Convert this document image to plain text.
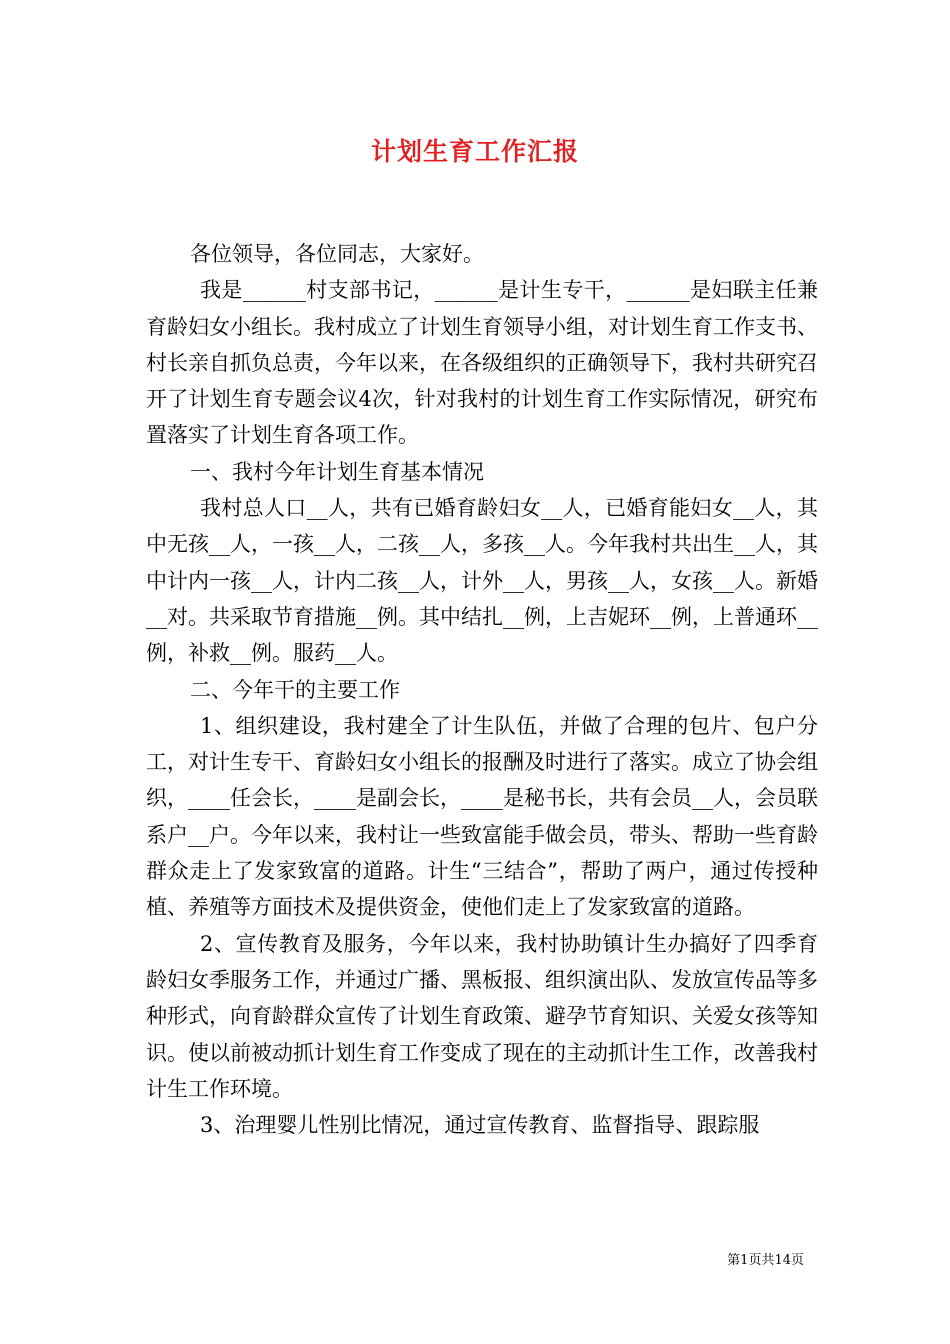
计划生育工作汇报

各位领导，各位同志，大家好。

我是______村支部书记，______是计生专干，______是妇联主任兼育龄妇女小组长。我村成立了计划生育领导小组，对计划生育工作支书、村长亲自抓负总责，今年以来，在各级组织的正确领导下，我村共研究召开了计划生育专题会议4次，针对我村的计划生育工作实际情况，研究布置落实了计划生育各项工作。

一、我村今年计划生育基本情况

我村总人口__人，共有已婚育龄妇女__人，已婚育能妇女__人，其中无孩__人，一孩__人，二孩__人，多孩__人。今年我村共出生__人，其中计内一孩__人，计内二孩__人，计外__人，男孩__人，女孩__人。新婚__对。共采取节育措施__例。其中结扎__例，上吉妮环__例，上普通环__例，补救__例。服药__人。

二、今年干的主要工作

1、组织建设，我村建全了计生队伍，并做了合理的包片、包户分工，对计生专干、育龄妇女小组长的报酬及时进行了落实。成立了协会组织，____任会长，____是副会长，____是秘书长，共有会员__人，会员联系户__户。今年以来，我村让一些致富能手做会员，带头、帮助一些育龄群众走上了发家致富的道路。计生“三结合”，帮助了两户，通过传授种植、养殖等方面技术及提供资金，使他们走上了发家致富的道路。

2、宣传教育及服务，今年以来，我村协助镇计生办搞好了四季育龄妇女季服务工作，并通过广播、黑板报、组织演出队、发放宣传品等多种形式，向育龄群众宣传了计划生育政策、避孕节育知识、关爱女孩等知识。使以前被动抓计划生育工作变成了现在的主动抓计生工作，改善我村计生工作环境。

3、治理婴儿性别比情况，通过宣传教育、监督指导、跟踪服

第1页共14页
